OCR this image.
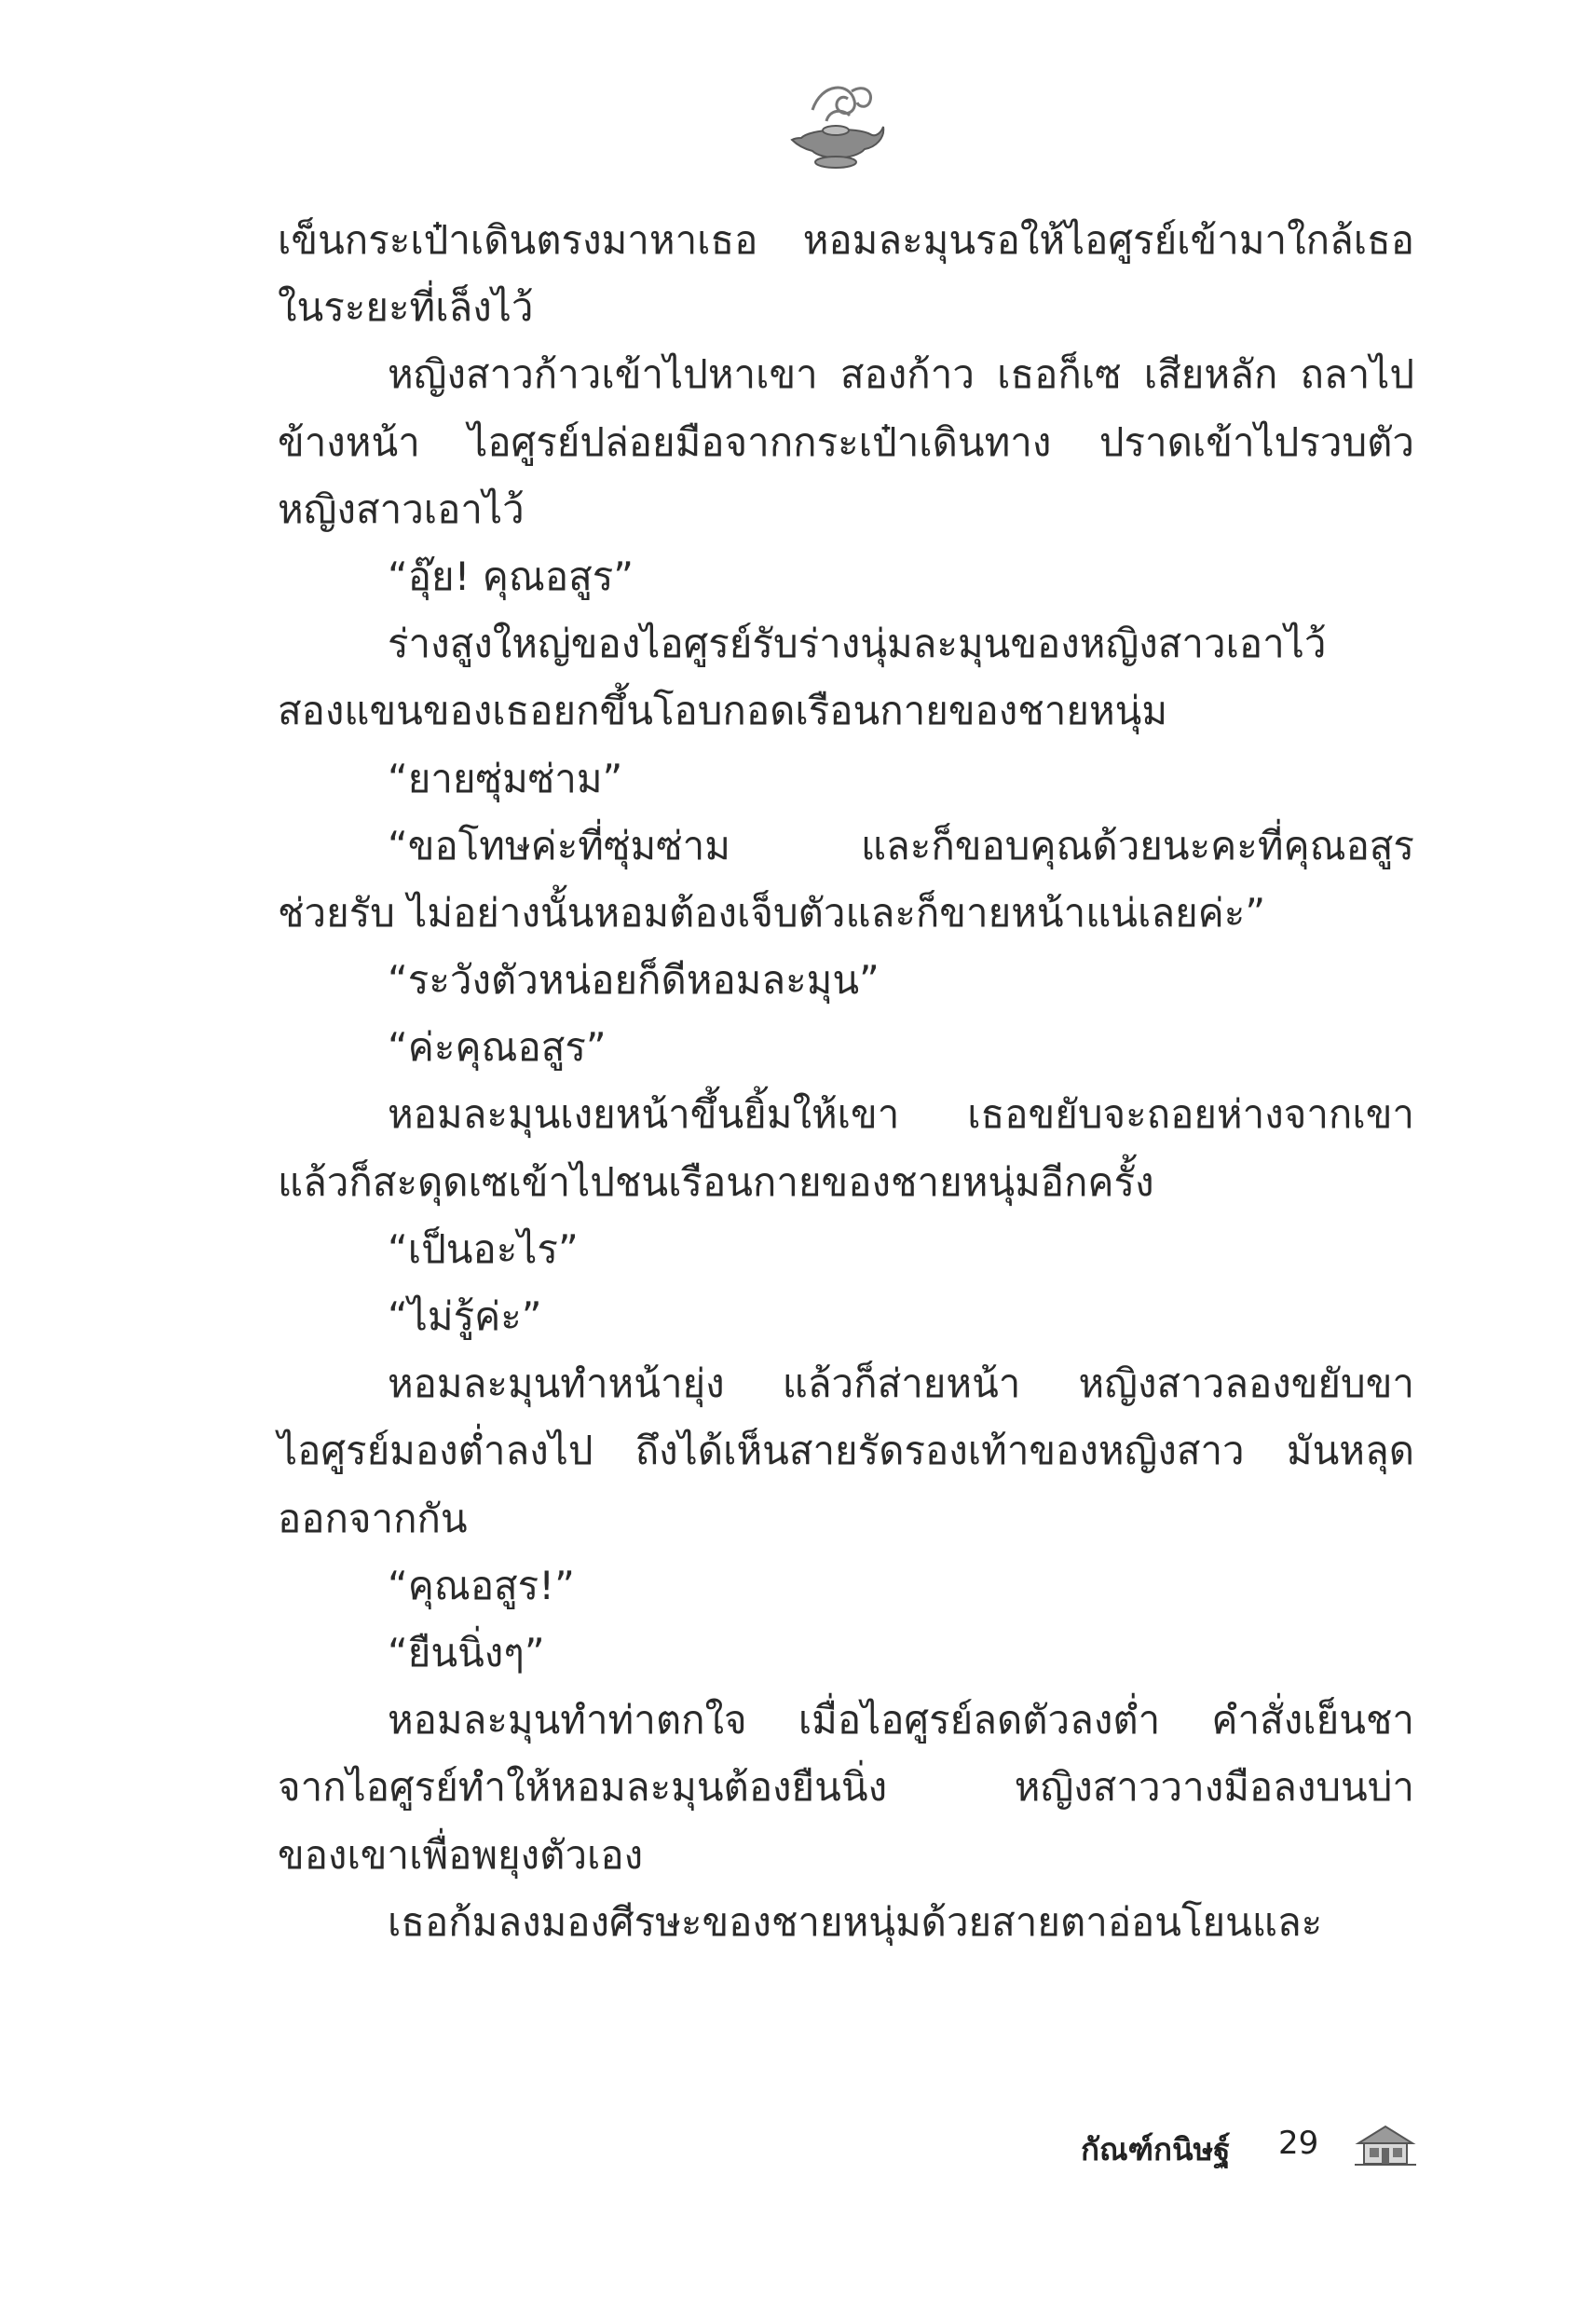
เข็นกระเป๋าเดินตรงมาหาเธอ หอมละมุนรอให้ไอศูรย์เข้ามาใกล้เธอ
ในระยะที่เล็งไว้
หญิงสาวก้าวเข้าไปหาเขา สองก้าว เธอก็เซ เสียหลัก ถลาไป
ข้างหน้า ไอศูรย์ปล่อยมือจากกระเป๋าเดินทาง ปราดเข้าไปรวบตัว
หญิงสาวเอาไว้
“อุ๊ย! คุณอสูร”
ร่างสูงใหญ่ของไอศูรย์รับร่างนุ่มละมุนของหญิงสาวเอาไว้
สองแขนของเธอยกขึ้นโอบกอดเรือนกายของชายหนุ่ม
“ยายซุ่มซ่าม”
“ขอโทษค่ะที่ซุ่มซ่าม และก็ขอบคุณด้วยนะคะที่คุณอสูร
ช่วยรับ ไม่อย่างนั้นหอมต้องเจ็บตัวและก็ขายหน้าแน่เลยค่ะ”
“ระวังตัวหน่อยก็ดีหอมละมุน”
“ค่ะคุณอสูร”
หอมละมุนเงยหน้าขึ้นยิ้มให้เขา เธอขยับจะถอยห่างจากเขา
แล้วก็สะดุดเซเข้าไปชนเรือนกายของชายหนุ่มอีกครั้ง
“เป็นอะไร”
“ไม่รู้ค่ะ”
หอมละมุนทำหน้ายุ่ง แล้วก็ส่ายหน้า หญิงสาวลองขยับขา
ไอศูรย์มองต่ำลงไป ถึงได้เห็นสายรัดรองเท้าของหญิงสาว มันหลุด
ออกจากกัน
“คุณอสูร!”
“ยืนนิ่งๆ”
หอมละมุนทำท่าตกใจ เมื่อไอศูรย์ลดตัวลงต่ำ คำสั่งเย็นชา
จากไอศูรย์ทำให้หอมละมุนต้องยืนนิ่ง หญิงสาววางมือลงบนบ่า
ของเขาเพื่อพยุงตัวเอง
เธอก้มลงมองศีรษะของชายหนุ่มด้วยสายตาอ่อนโยนและ
กัณฑ์กนิษฐ์ 29
